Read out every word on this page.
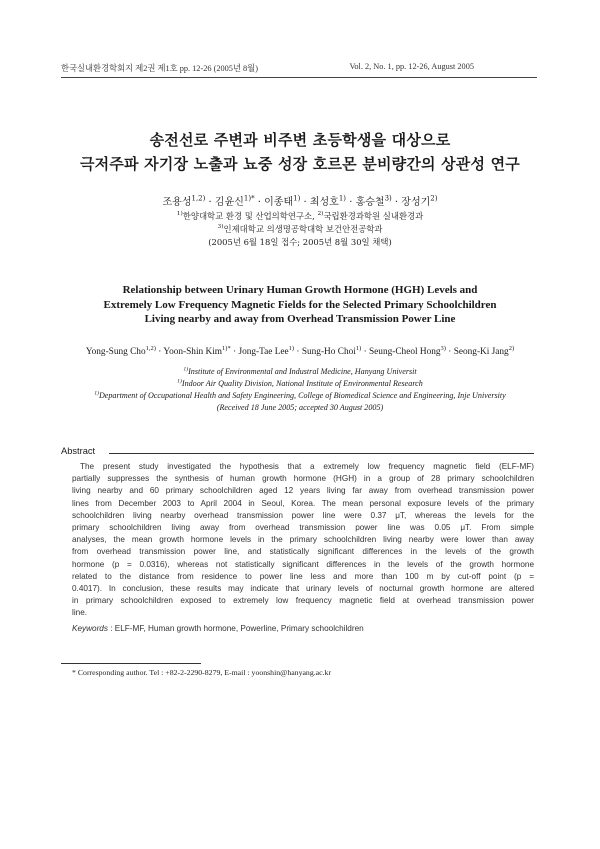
한국실내환경학회지 제2권 제1호 pp. 12-26 (2005년 8월)	Vol. 2, No. 1, pp. 12-26, August 2005
송전선로 주변과 비주변 초등학생을 대상으로
극저주파 자기장 노출과 뇨중 성장 호르몬 분비량간의 상관성 연구
조용성$^{1,2)}$ · 김윤신$^{1)*}$ · 이종태$^{1)}$ · 최성호$^{1)}$ · 홍승철$^{3)}$ · 장성기$^{2)}$
$^{1)}$한양대학교 환경 및 산업의학연구소, $^{2)}$국립환경과학원 실내환경과
$^{3)}$인제대학교 의생명공학대학 보건안전공학과
(2005년 6월 18일 접수; 2005년 8월 30일 채택)
Relationship between Urinary Human Growth Hormone (HGH) Levels and
Extremely Low Frequency Magnetic Fields for the Selected Primary Schoolchildren
Living nearby and away from Overhead Transmission Power Line
Yong-Sung Cho$^{1,2)}$ · Yoon-Shin Kim$^{1)*}$ · Jong-Tae Lee$^{1)}$ · Sung-Ho Choi$^{1)}$ · Seung-Cheol Hong$^{3)}$ · Seong-Ki Jang$^{2)}$
$^{1)}$Institute of Environmental and Industral Medicine, Hanyang Universit
$^{1)}$Indoor Air Quality Division, National Institute of Environmental Research
$^{1)}$Department of Occupational Health and Safety Engineering, College of Biomedical Science and Engineering, Inje University
(Received 18 June 2005; accepted 30 August 2005)
Abstract
The present study investigated the hypothesis that a extremely low frequency magnetic field (ELF-MF)
partially suppresses the synthesis of human growth hormone (HGH) in a group of 28 primary schoolchildren
living nearby and 60 primary schoolchildren aged 12 years living far away from overhead transmission power
lines from December 2003 to April 2004 in Seoul, Korea. The mean personal exposure levels of the primary
schoolchildren living nearby overhead transmission power line were 0.37 μT, whereas the levels for the
primary schoolchildren living away from overhead transmission power line was 0.05 μT. From simple
analyses, the mean growth hormone levels in the primary schoolchildren living nearby were lower than away
from overhead transmission power line, and statistically significant differences in the levels of the growth
hormone (p = 0.0316), whereas not statistically significant differences in the levels of the growth hormone
related to the distance from residence to power line less and more than 100 m by cut-off point (p =
0.4017). In conclusion, these results may indicate that urinary levels of nocturnal growth hormone are altered
in primary schoolchildren exposed to extremely low frequency magnetic field at overhead transmission power
line.
Keywords : ELF-MF, Human growth hormone, Powerline, Primary schoolchildren
* Corresponding author. Tel : +82-2-2290-8279, E-mail : yoonshin@hanyang.ac.kr
